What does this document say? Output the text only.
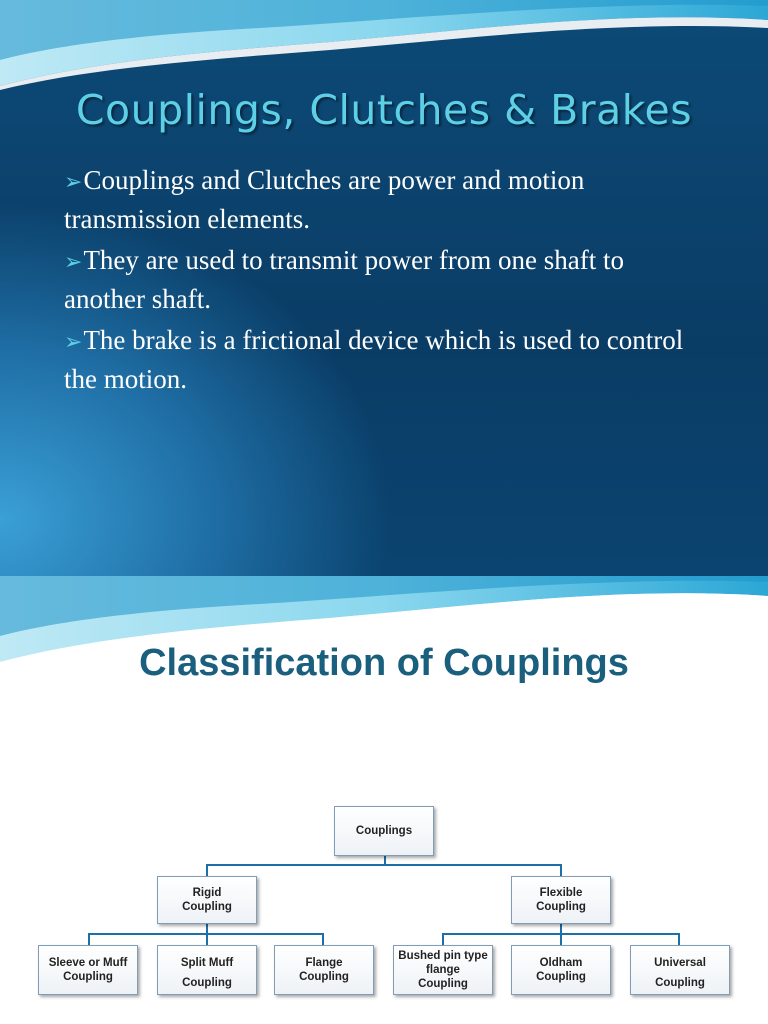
Couplings, Clutches & Brakes
➢Couplings and Clutches are power and motion transmission elements.
➢They are used to transmit power from one shaft to another shaft.
➢The brake is a frictional device which is used to control the motion.
Classification of Couplings
Couplings
Rigid
Coupling
Flexible
Coupling
Sleeve or Muff
Coupling
Split Muff
Coupling
Flange
Coupling
Bushed pin type
flange
Coupling
Oldham
Coupling
Universal
Coupling
